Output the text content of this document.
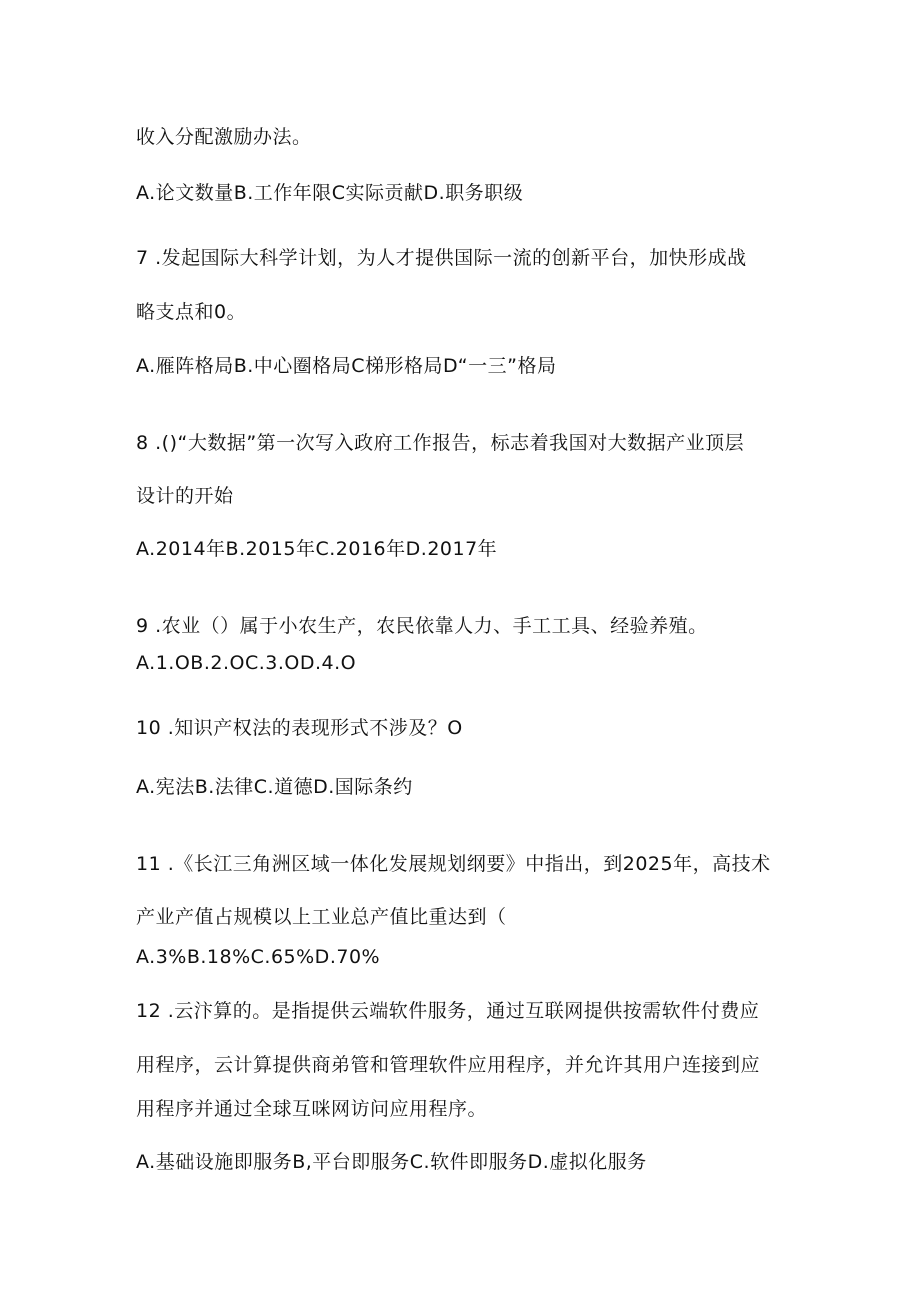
收入分配激励办法。
A.论文数量B.工作年限C实际贡献D.职务职级
7 .发起国际大科学计划，为人才提供国际一流的创新平台，加快形成战
略支点和0。
A.雁阵格局B.中心圈格局C梯形格局D“一三”格局
8 .()“大数据”第一次写入政府工作报告，标志着我国对大数据产业顶层
设计的开始
A.2014年B.2015年C.2016年D.2017年
9 .农业（）属于小农生产，农民依靠人力、手工工具、经验养殖。
A.1.OB.2.OC.3.OD.4.O
10 .知识产权法的表现形式不涉及？O
A.宪法B.法律C.道德D.国际条约
11 .《长江三角洲区域一体化发展规划纲要》中指出，到2025年，高技术
产业产值占规模以上工业总产值比重达到（
A.3%B.18%C.65%D.70%
12 .云汴算的。是指提供云端软件服务，通过互联网提供按需软件付费应
用程序，云计算提供商弟管和管理软件应用程序，并允许其用户连接到应
用程序并通过全球互咪网访问应用程序。
A.基础设施即服务B,平台即服务C.软件即服务D.虚拟化服务
